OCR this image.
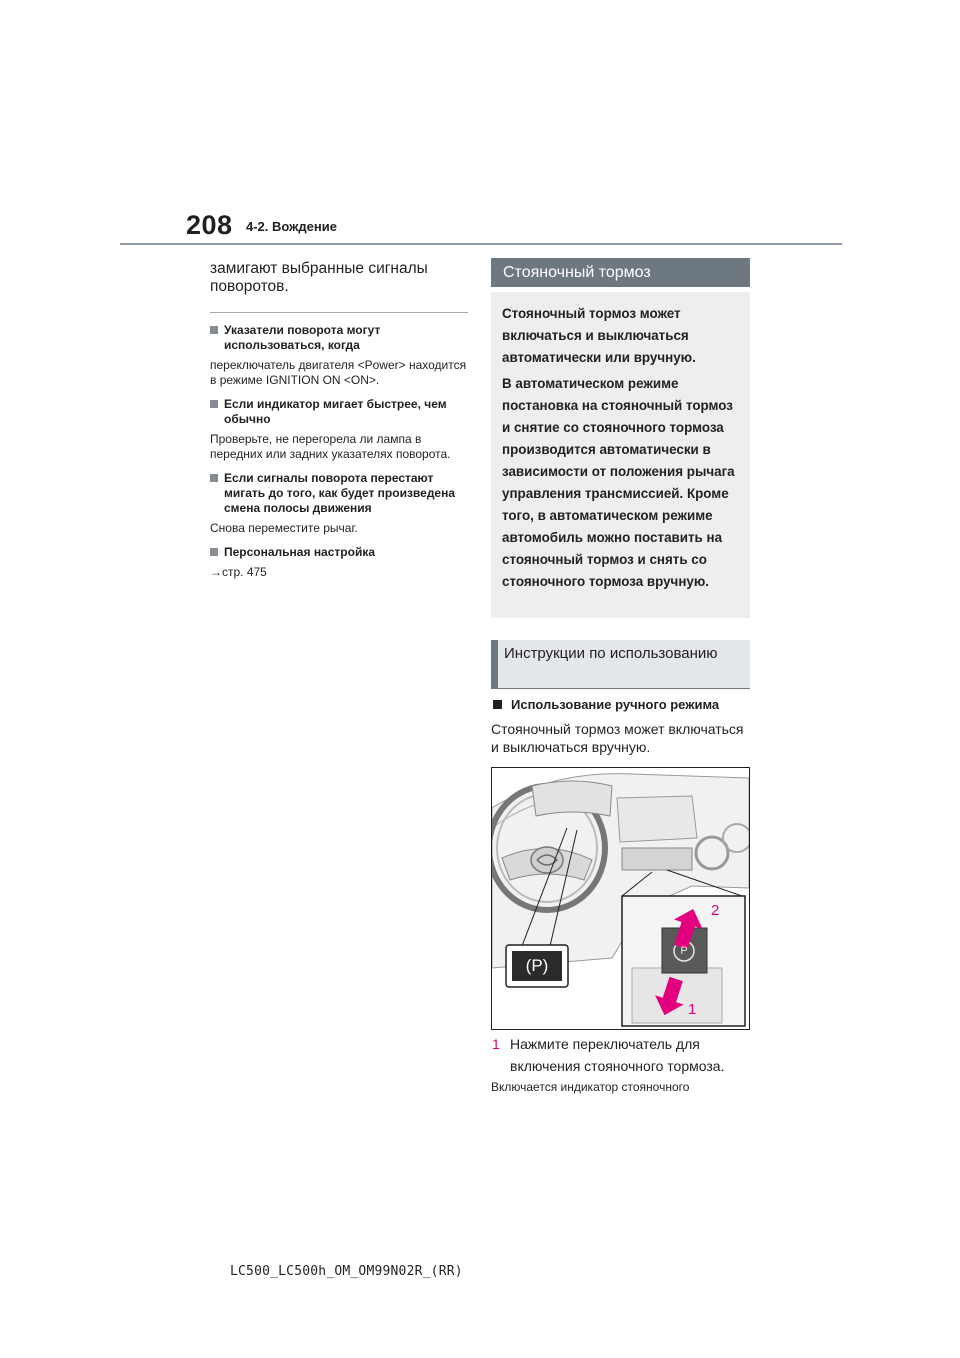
208 4-2. Вождение

замигают выбранные сигналы поворотов.

Указатели поворота могут использоваться, когда
переключатель двигателя <Power> находится в режиме IGNITION ON <ON>.
Если индикатор мигает быстрее, чем обычно
Проверьте, не перегорела ли лампа в передних или задних указателях поворота.
Если сигналы поворота перестают мигать до того, как будет произведена смена полосы движения
Снова переместите рычаг.
Персональная настройка
→стр. 475
Стояночный тормоз

Стояночный тормоз может включаться и выключаться автоматически или вручную.

В автоматическом режиме постановка на стояночный тормоз и снятие со стояночного тормоза производится автоматически в зависимости от положения рычага управления трансмиссией. Кроме того, в автоматическом режиме автомобиль можно поставить на стояночный тормоз и снять со стояночного тормоза вручную.

Инструкции по использованию
Использование ручного режима
Стояночный тормоз может включаться и выключаться вручную.
(P)
P
2
1
1 Нажмите переключатель для включения стояночного тормоза.
Включается индикатор стояночного
LC500_LC500h_OM_OM99N02R_(RR)
